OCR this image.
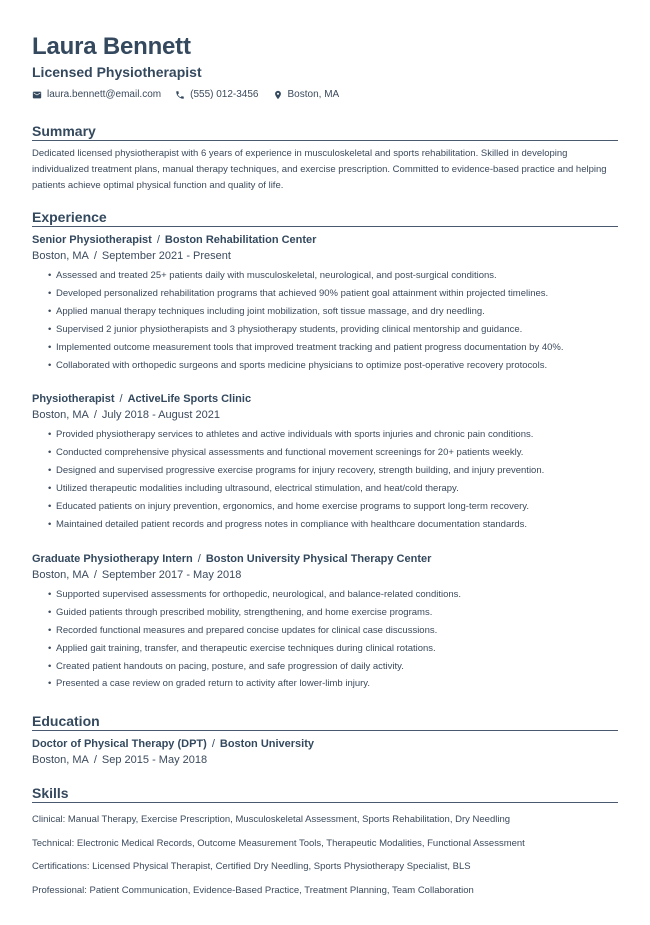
Laura Bennett
Licensed Physiotherapist
laura.bennett@email.com	(555) 012-3456	Boston, MA
Summary
Dedicated licensed physiotherapist with 6 years of experience in musculoskeletal and sports rehabilitation. Skilled in developing individualized treatment plans, manual therapy techniques, and exercise prescription. Committed to evidence-based practice and helping patients achieve optimal physical function and quality of life.
Experience
Senior Physiotherapist / Boston Rehabilitation Center
Boston, MA / September 2021 - Present
• Assessed and treated 25+ patients daily with musculoskeletal, neurological, and post-surgical conditions.
• Developed personalized rehabilitation programs that achieved 90% patient goal attainment within projected timelines.
• Applied manual therapy techniques including joint mobilization, soft tissue massage, and dry needling.
• Supervised 2 junior physiotherapists and 3 physiotherapy students, providing clinical mentorship and guidance.
• Implemented outcome measurement tools that improved treatment tracking and patient progress documentation by 40%.
• Collaborated with orthopedic surgeons and sports medicine physicians to optimize post-operative recovery protocols.
Physiotherapist / ActiveLife Sports Clinic
Boston, MA / July 2018 - August 2021
• Provided physiotherapy services to athletes and active individuals with sports injuries and chronic pain conditions.
• Conducted comprehensive physical assessments and functional movement screenings for 20+ patients weekly.
• Designed and supervised progressive exercise programs for injury recovery, strength building, and injury prevention.
• Utilized therapeutic modalities including ultrasound, electrical stimulation, and heat/cold therapy.
• Educated patients on injury prevention, ergonomics, and home exercise programs to support long-term recovery.
• Maintained detailed patient records and progress notes in compliance with healthcare documentation standards.
Graduate Physiotherapy Intern / Boston University Physical Therapy Center
Boston, MA / September 2017 - May 2018
• Supported supervised assessments for orthopedic, neurological, and balance-related conditions.
• Guided patients through prescribed mobility, strengthening, and home exercise programs.
• Recorded functional measures and prepared concise updates for clinical case discussions.
• Applied gait training, transfer, and therapeutic exercise techniques during clinical rotations.
• Created patient handouts on pacing, posture, and safe progression of daily activity.
• Presented a case review on graded return to activity after lower-limb injury.
Education
Doctor of Physical Therapy (DPT) / Boston University
Boston, MA / Sep 2015 - May 2018
Skills
Clinical: Manual Therapy, Exercise Prescription, Musculoskeletal Assessment, Sports Rehabilitation, Dry Needling
Technical: Electronic Medical Records, Outcome Measurement Tools, Therapeutic Modalities, Functional Assessment
Certifications: Licensed Physical Therapist, Certified Dry Needling, Sports Physiotherapy Specialist, BLS
Professional: Patient Communication, Evidence-Based Practice, Treatment Planning, Team Collaboration
